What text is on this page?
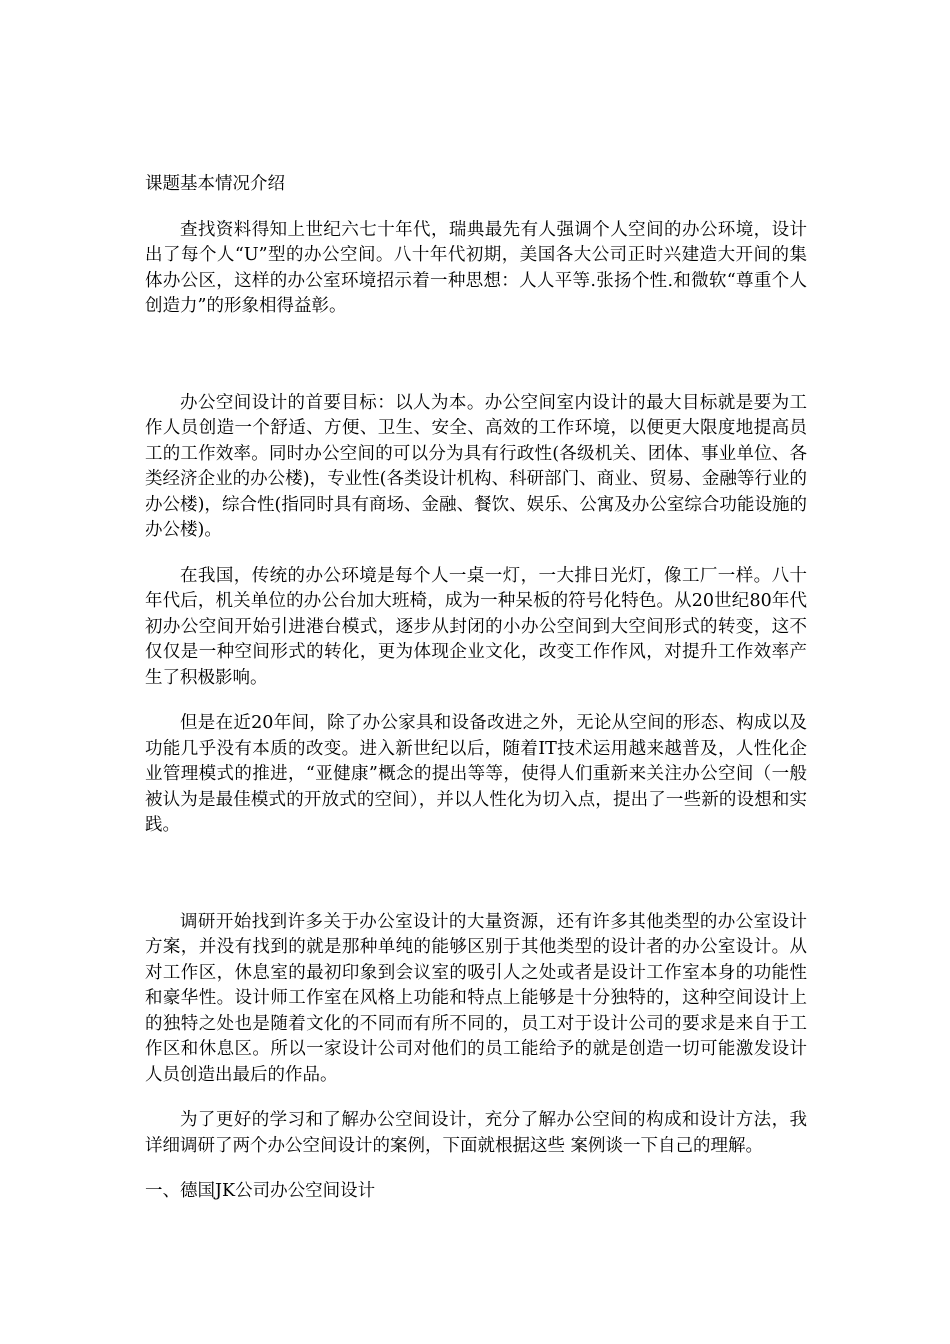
课题基本情况介绍

查找资料得知上世纪六七十年代，瑞典最先有人强调个人空间的办公环境，设计出了每个人“U”型的办公空间。八十年代初期，美国各大公司正时兴建造大开间的集体办公区，这样的办公室环境招示着一种思想：人人平等.张扬个性.和微软“尊重个人创造力”的形象相得益彰。

办公空间设计的首要目标：以人为本。办公空间室内设计的最大目标就是要为工作人员创造一个舒适、方便、卫生、安全、高效的工作环境，以便更大限度地提高员工的工作效率。同时办公空间的可以分为具有行政性(各级机关、团体、事业单位、各类经济企业的办公楼)，专业性(各类设计机构、科研部门、商业、贸易、金融等行业的办公楼)，综合性(指同时具有商场、金融、餐饮、娱乐、公寓及办公室综合功能设施的办公楼)。

在我国，传统的办公环境是每个人一桌一灯，一大排日光灯，像工厂一样。八十年代后，机关单位的办公台加大班椅，成为一种呆板的符号化特色。从20世纪80年代初办公空间开始引进港台模式，逐步从封闭的小办公空间到大空间形式的转变，这不仅仅是一种空间形式的转化，更为体现企业文化，改变工作作风，对提升工作效率产生了积极影响。

但是在近20年间，除了办公家具和设备改进之外，无论从空间的形态、构成以及功能几乎没有本质的改变。进入新世纪以后，随着IT技术运用越来越普及，人性化企业管理模式的推进，“亚健康”概念的提出等等，使得人们重新来关注办公空间（一般被认为是最佳模式的开放式的空间），并以人性化为切入点，提出了一些新的设想和实践。

调研开始找到许多关于办公室设计的大量资源，还有许多其他类型的办公室设计方案，并没有找到的就是那种单纯的能够区别于其他类型的设计者的办公室设计。从对工作区，休息室的最初印象到会议室的吸引人之处或者是设计工作室本身的功能性和豪华性。设计师工作室在风格上功能和特点上能够是十分独特的，这种空间设计上的独特之处也是随着文化的不同而有所不同的，员工对于设计公司的要求是来自于工作区和休息区。所以一家设计公司对他们的员工能给予的就是创造一切可能激发设计人员创造出最后的作品。

为了更好的学习和了解办公空间设计，充分了解办公空间的构成和设计方法，我详细调研了两个办公空间设计的案例，下面就根据这些 案例谈一下自己的理解。

一、德国JK公司办公空间设计
